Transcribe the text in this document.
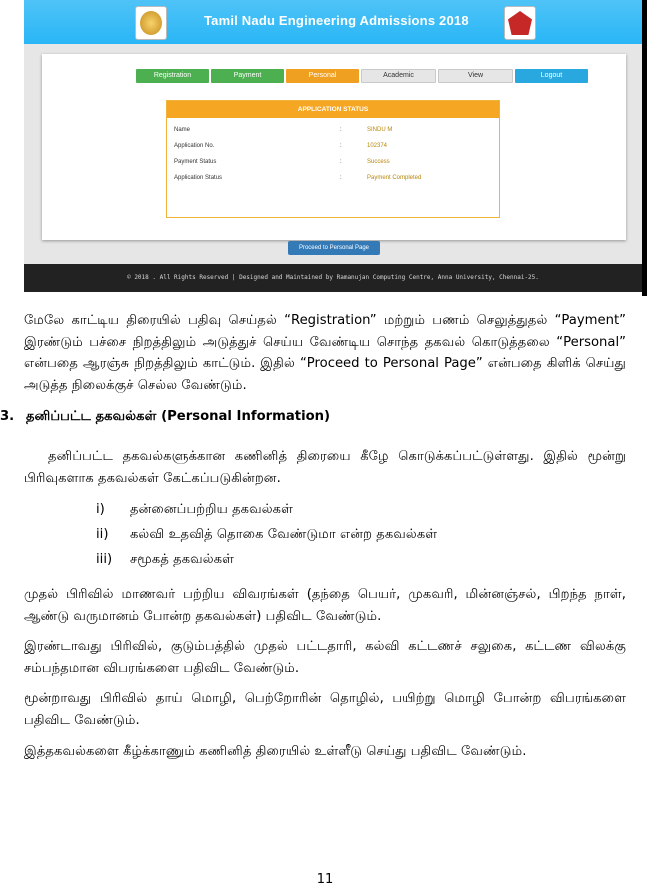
Tamil Nadu Engineering Admissions 2018
Registration	Payment	Personal	Academic	View	Logout
APPLICATION STATUS
Name	:	SINDU M
Application No.	:	102374
Payment Status	:	Success
Application Status	:	Payment Completed
Proceed to Personal Page
© 2018 . All Rights Reserved | Designed and Maintained by Ramanujan Computing Centre, Anna University, Chennai-25.
மேலே காட்டிய திரையில் பதிவு செய்தல் “Registration” மற்றும் பணம் செலுத்துதல் “Payment” இரண்டும் பச்சை நிறத்திலும் அடுத்துச் செய்ய வேண்டிய சொந்த தகவல் கொடுத்தலை “Personal” என்பதை ஆரஞ்சு நிறத்திலும் காட்டும். இதில் “Proceed to Personal Page” என்பதை கிளிக் செய்து அடுத்த நிலைக்குச் செல்ல வேண்டும்.
3. தனிப்பட்ட தகவல்கள் (Personal Information)
தனிப்பட்ட தகவல்களுக்கான கணினித் திரையை கீழே கொடுக்கப்பட்டுள்ளது. இதில் மூன்று பிரிவுகளாக தகவல்கள் கேட்கப்படுகின்றன.
i) தன்னைப்பற்றிய தகவல்கள்
ii) கல்வி உதவித் தொகை வேண்டுமா என்ற தகவல்கள்
iii) சமூகத் தகவல்கள்
முதல் பிரிவில் மாணவர் பற்றிய விவரங்கள் (தந்தை பெயர், முகவரி, மின்னஞ்சல், பிறந்த நாள், ஆண்டு வருமானம் போன்ற தகவல்கள்) பதிவிட வேண்டும்.
இரண்டாவது பிரிவில், குடும்பத்தில் முதல் பட்டதாரி, கல்வி கட்டணச் சலுகை, கட்டண விலக்கு சம்பந்தமான விபரங்களை பதிவிட வேண்டும்.
மூன்றாவது பிரிவில் தாய் மொழி, பெற்றோரின் தொழில், பயிற்று மொழி போன்ற விபரங்களை பதிவிட வேண்டும்.
இத்தகவல்களை கீழ்க்காணும் கணினித் திரையில் உள்ளீடு செய்து பதிவிட வேண்டும்.
11
